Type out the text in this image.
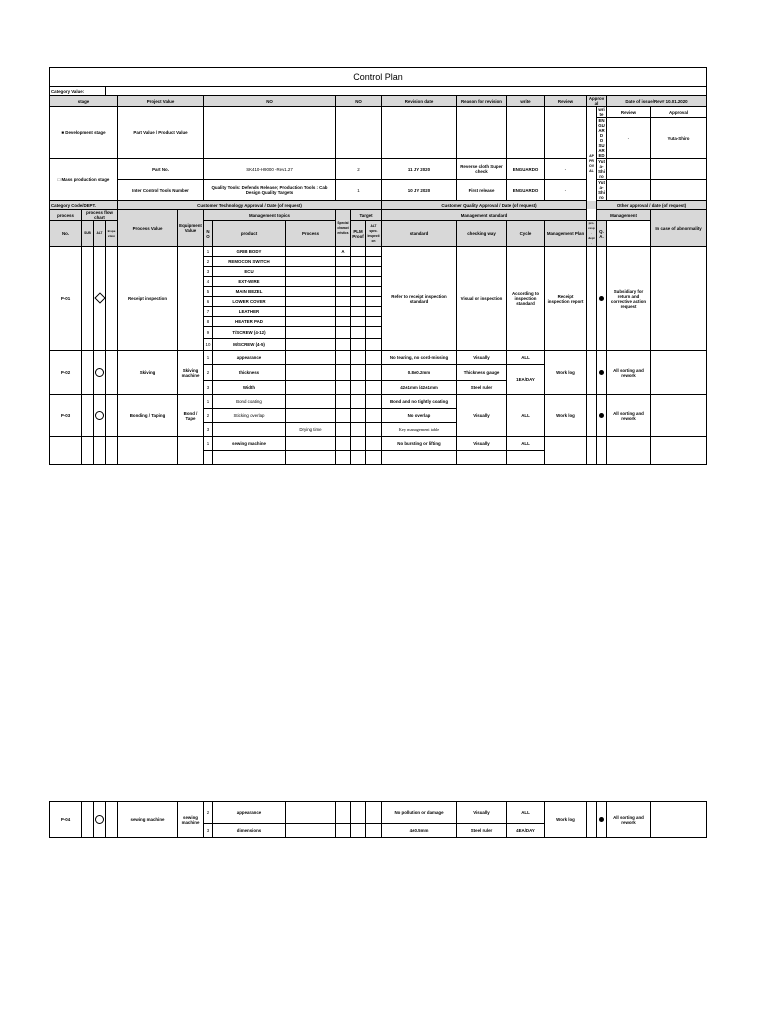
Control Plan																				
Category Value:																				
stage				Project Value		NO			NO			Revision date	Reason for revision	write	Review	Approval		Date of issue/Rev# 10.01.2020		
■ Development stage				Part Value / Product Value												APPROVAL	write	Review	Approval	
																	ENGUARD O SUARED	-	Yuta-Shiro	
□ Mass production stage				Part No.		SK410-H9000 -Rev1.27			2			11 JY 2020	Reverse cloth Super check	ENGUARDO	-		Yuta-Shiro			
				Inter Control Tools Number		Quality Tools: Defends Release; Production Tools : Cab Design Quality Targets			1			10 JY 2020	First release	ENGUARDO	-		Yuta-Shiro			
Category Code/DEPT.				Customer Technology Approval / Date (of request)								Customer Quality Approval / Date (of request)					Other approval / date (of request)			
process	process flow chart			Process Value	Equipment Value	Management topics			Special characteristics	Target		Management standard					Management		In case of abnormality	
No.	SUB	ALT	Inspection			NO	product	Process		PLM Proof	ALT spec. Inspection	standard	checking way	Cycle	Management Plan	pro. resp. dept.	Q.A.			

P-01				Receipt inspection		1	GRIB BODY		A			Refer to receipt inspection standard	Visual or inspection	According to inspection standard	Receipt inspection report			Subsidiary for return and corrective action request		
						2	REMOCON SWITCH													
						3	ECU													
						4	EXT-WIRE													
						5	MAIN BEZEL													
						6	LOWER COVER													
						7	LEATHER													
						8	HEATER PAD													
						9	T/SCREW (4-12)													
						10	M/SCREW (4-5)													
P-02				Skiving	Skiving machine	1	appearance					No tearing, no cord-missing	Visually	ALL	Work log			All sorting and rework		
						2	thickness					0.8±0.2mm	Thickness gauge	1EA/DAY						
						3	Width					42±1mm /42±1mm	Steel ruler							
P-03				Bonding / Taping	Bond / Tape	1	Bond coating					Bond and no tightly coating	Visually	ALL	Work log			All sorting and rework		
						2	Sticking overlap					No overlap								
						3		Drying time				Key management table								
						1	sewing machine					No bursting or lifting	Visually	ALL						

P-04				sewing machine	sewing machine	2	appearance					No pollution or damage	Visually	ALL	Work log			All sorting and rework	
						3	dimensions					4±0.5mm	Steel ruler	4EA/DAY					
